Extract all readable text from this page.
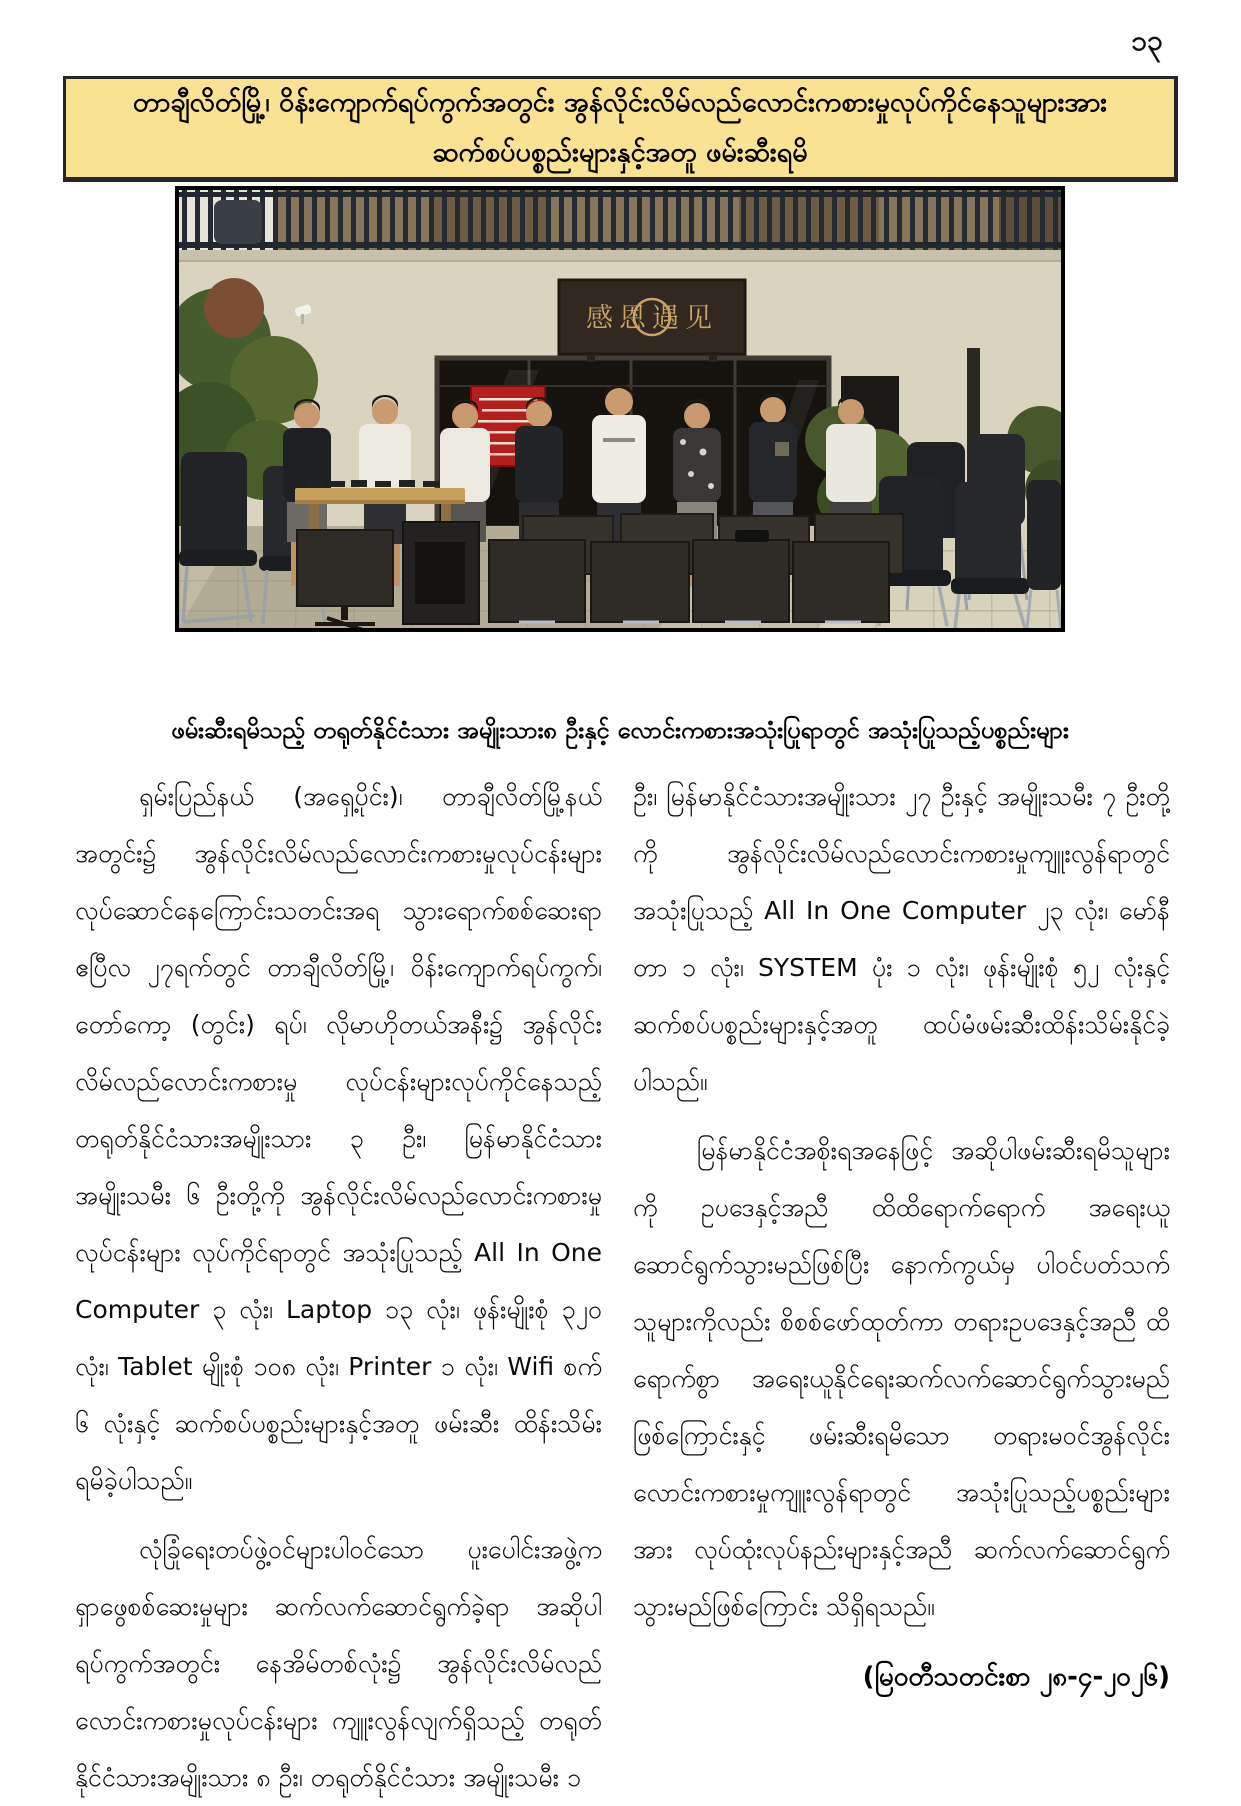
၁၃
တာချီလိတ်မြို့၊ ဝိန်းကျောက်ရပ်ကွက်အတွင်း အွန်လိုင်းလိမ်လည်လောင်းကစားမှုလုပ်ကိုင်နေသူများအား ဆက်စပ်ပစ္စည်းများနှင့်အတူ ဖမ်းဆီးရမိ
感恩遇见
ဖမ်းဆီးရမိသည့် တရုတ်နိုင်ငံသား အမျိုးသား၈ ဦးနှင့် လောင်းကစားအသုံးပြုရာတွင် အသုံးပြုသည့်ပစ္စည်းများ

ရှမ်းပြည်နယ် (အရှေ့ပိုင်း)၊ တာချီလိတ်မြို့နယ်အတွင်း၌ အွန်လိုင်းလိမ်လည်လောင်းကစားမှုလုပ်ငန်းများ လုပ်ဆောင်နေကြောင်းသတင်းအရ သွားရောက်စစ်ဆေးရာ ဧပြီလ ၂၇ရက်တွင် တာချီလိတ်မြို့၊ ဝိန်းကျောက်ရပ်ကွက်၊ တော်ကော့ (တွင်း) ရပ်၊ လိုမာဟိုတယ်အနီး၌ အွန်လိုင်းလိမ်လည်လောင်းကစားမှု လုပ်ငန်းများလုပ်ကိုင်နေသည့် တရုတ်နိုင်ငံသားအမျိုးသား ၃ ဦး၊ မြန်မာနိုင်ငံသားအမျိုးသမီး ၆ ဦးတို့ကို အွန်လိုင်းလိမ်လည်လောင်းကစားမှုလုပ်ငန်းများ လုပ်ကိုင်ရာတွင် အသုံးပြုသည့် All In One Computer ၃ လုံး၊ Laptop ၁၃ လုံး၊ ဖုန်းမျိုးစုံ ၃၂၀ လုံး၊ Tablet မျိုးစုံ ၁၀၈ လုံး၊ Printer ၁ လုံး၊ Wifi စက် ၆ လုံးနှင့် ဆက်စပ်ပစ္စည်းများနှင့်အတူ ဖမ်းဆီး ထိန်းသိမ်း ရမိခဲ့ပါသည်။

လုံခြုံရေးတပ်ဖွဲ့ဝင်များပါဝင်သော ပူးပေါင်းအဖွဲ့က ရှာဖွေစစ်ဆေးမှုများ ဆက်လက်ဆောင်ရွက်ခဲ့ရာ အဆိုပါ ရပ်ကွက်အတွင်း နေအိမ်တစ်လုံး၌ အွန်လိုင်းလိမ်လည် လောင်းကစားမှုလုပ်ငန်းများ ကျူးလွန်လျက်ရှိသည့် တရုတ် နိုင်ငံသားအမျိုးသား ၈ ဦး၊ တရုတ်နိုင်ငံသား အမျိုးသမီး ၁

ဦး၊ မြန်မာနိုင်ငံသားအမျိုးသား ၂၇ ဦးနှင့် အမျိုးသမီး ၇ ဦးတို့ကို အွန်လိုင်းလိမ်လည်လောင်းကစားမှုကျူးလွန်ရာတွင် အသုံးပြုသည့် All In One Computer ၂၃ လုံး၊ မော်နီတာ ၁ လုံး၊ SYSTEM ပုံး ၁ လုံး၊ ဖုန်းမျိုးစုံ ၅၂ လုံးနှင့် ဆက်စပ်ပစ္စည်းများနှင့်အတူ ထပ်မံဖမ်းဆီးထိန်းသိမ်းနိုင်ခဲ့ပါသည်။

မြန်မာနိုင်ငံအစိုးရအနေဖြင့် အဆိုပါဖမ်းဆီးရမိသူများကို ဥပဒေနှင့်အညီ ထိထိရောက်ရောက် အရေးယူ ဆောင်ရွက်သွားမည်ဖြစ်ပြီး နောက်ကွယ်မှ ပါဝင်ပတ်သက် သူများကိုလည်း စိစစ်ဖော်ထုတ်ကာ တရားဥပဒေနှင့်အညီ ထိရောက်စွာ အရေးယူနိုင်ရေးဆက်လက်ဆောင်ရွက်သွားမည်ဖြစ်ကြောင်းနှင့် ဖမ်းဆီးရမိသော တရားမဝင်အွန်လိုင်း လောင်းကစားမှုကျူးလွန်ရာတွင် အသုံးပြုသည့်ပစ္စည်းများအား လုပ်ထုံးလုပ်နည်းများနှင့်အညီ ဆက်လက်ဆောင်ရွက် သွားမည်ဖြစ်ကြောင်း သိရှိရသည်။

(မြဝတီသတင်းစာ ၂၈-၄-၂၀၂၆)
